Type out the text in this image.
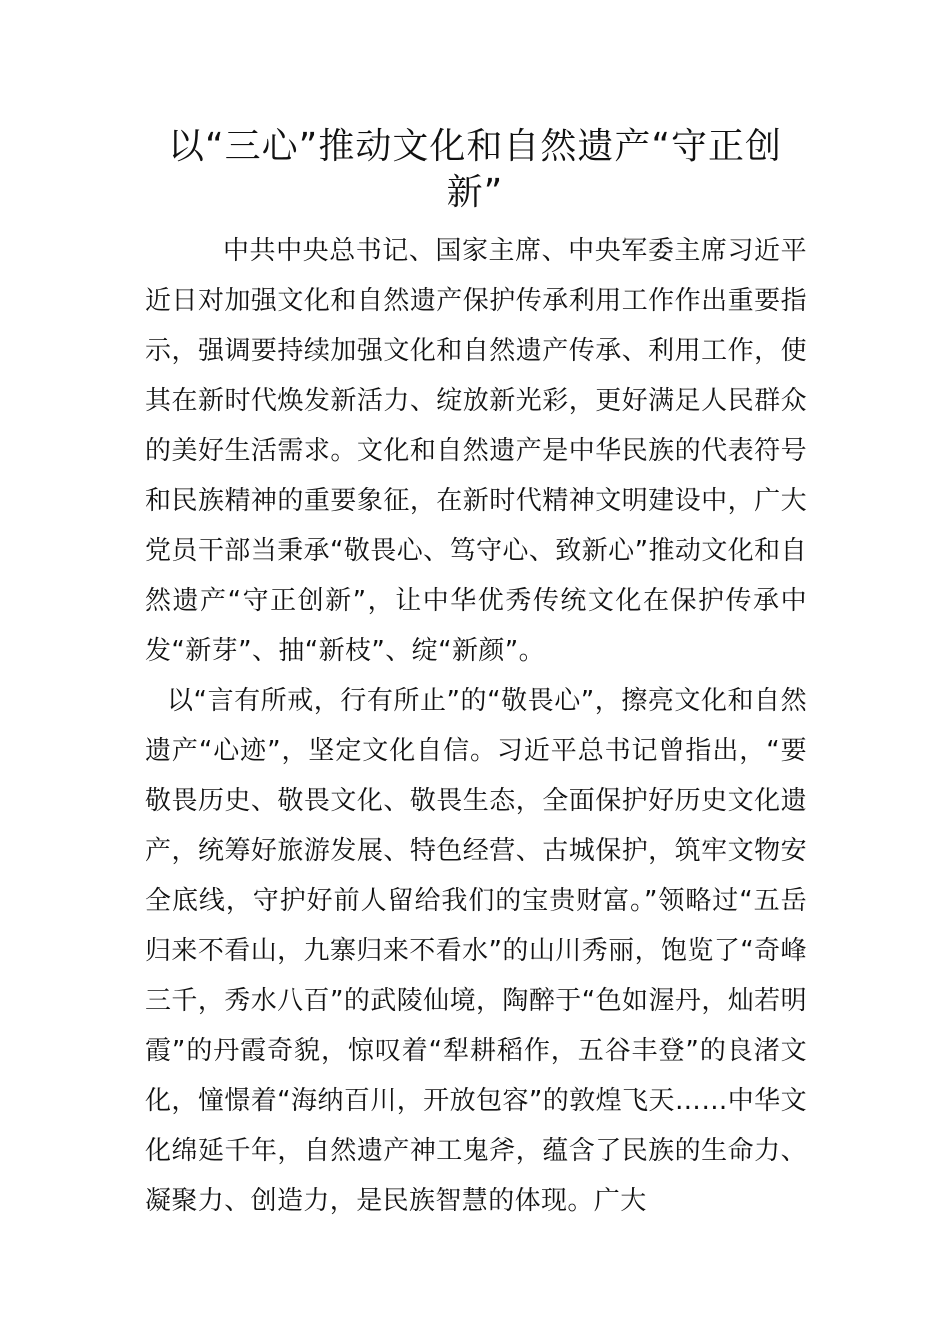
以“三心”推动文化和自然遗产“守正创新”

中共中央总书记、国家主席、中央军委主席习近平近日对加强文化和自然遗产保护传承利用工作作出重要指示，强调要持续加强文化和自然遗产传承、利用工作，使其在新时代焕发新活力、绽放新光彩，更好满足人民群众的美好生活需求。文化和自然遗产是中华民族的代表符号和民族精神的重要象征，在新时代精神文明建设中，广大党员干部当秉承“敬畏心、笃守心、致新心”推动文化和自然遗产“守正创新”，让中华优秀传统文化在保护传承中发“新芽”、抽“新枝”、绽“新颜”。

以“言有所戒，行有所止”的“敬畏心”，擦亮文化和自然遗产“心迹”，坚定文化自信。习近平总书记曾指出，“要敬畏历史、敬畏文化、敬畏生态，全面保护好历史文化遗产，统筹好旅游发展、特色经营、古城保护，筑牢文物安全底线，守护好前人留给我们的宝贵财富。”领略过“五岳归来不看山，九寨归来不看水”的山川秀丽，饱览了“奇峰三千，秀水八百”的武陵仙境，陶醉于“色如渥丹，灿若明霞”的丹霞奇貌，惊叹着“犁耕稻作，五谷丰登”的良渚文化，憧憬着“海纳百川，开放包容”的敦煌飞天……中华文化绵延千年，自然遗产神工鬼斧，蕴含了民族的生命力、凝聚力、创造力，是民族智慧的体现。广大
